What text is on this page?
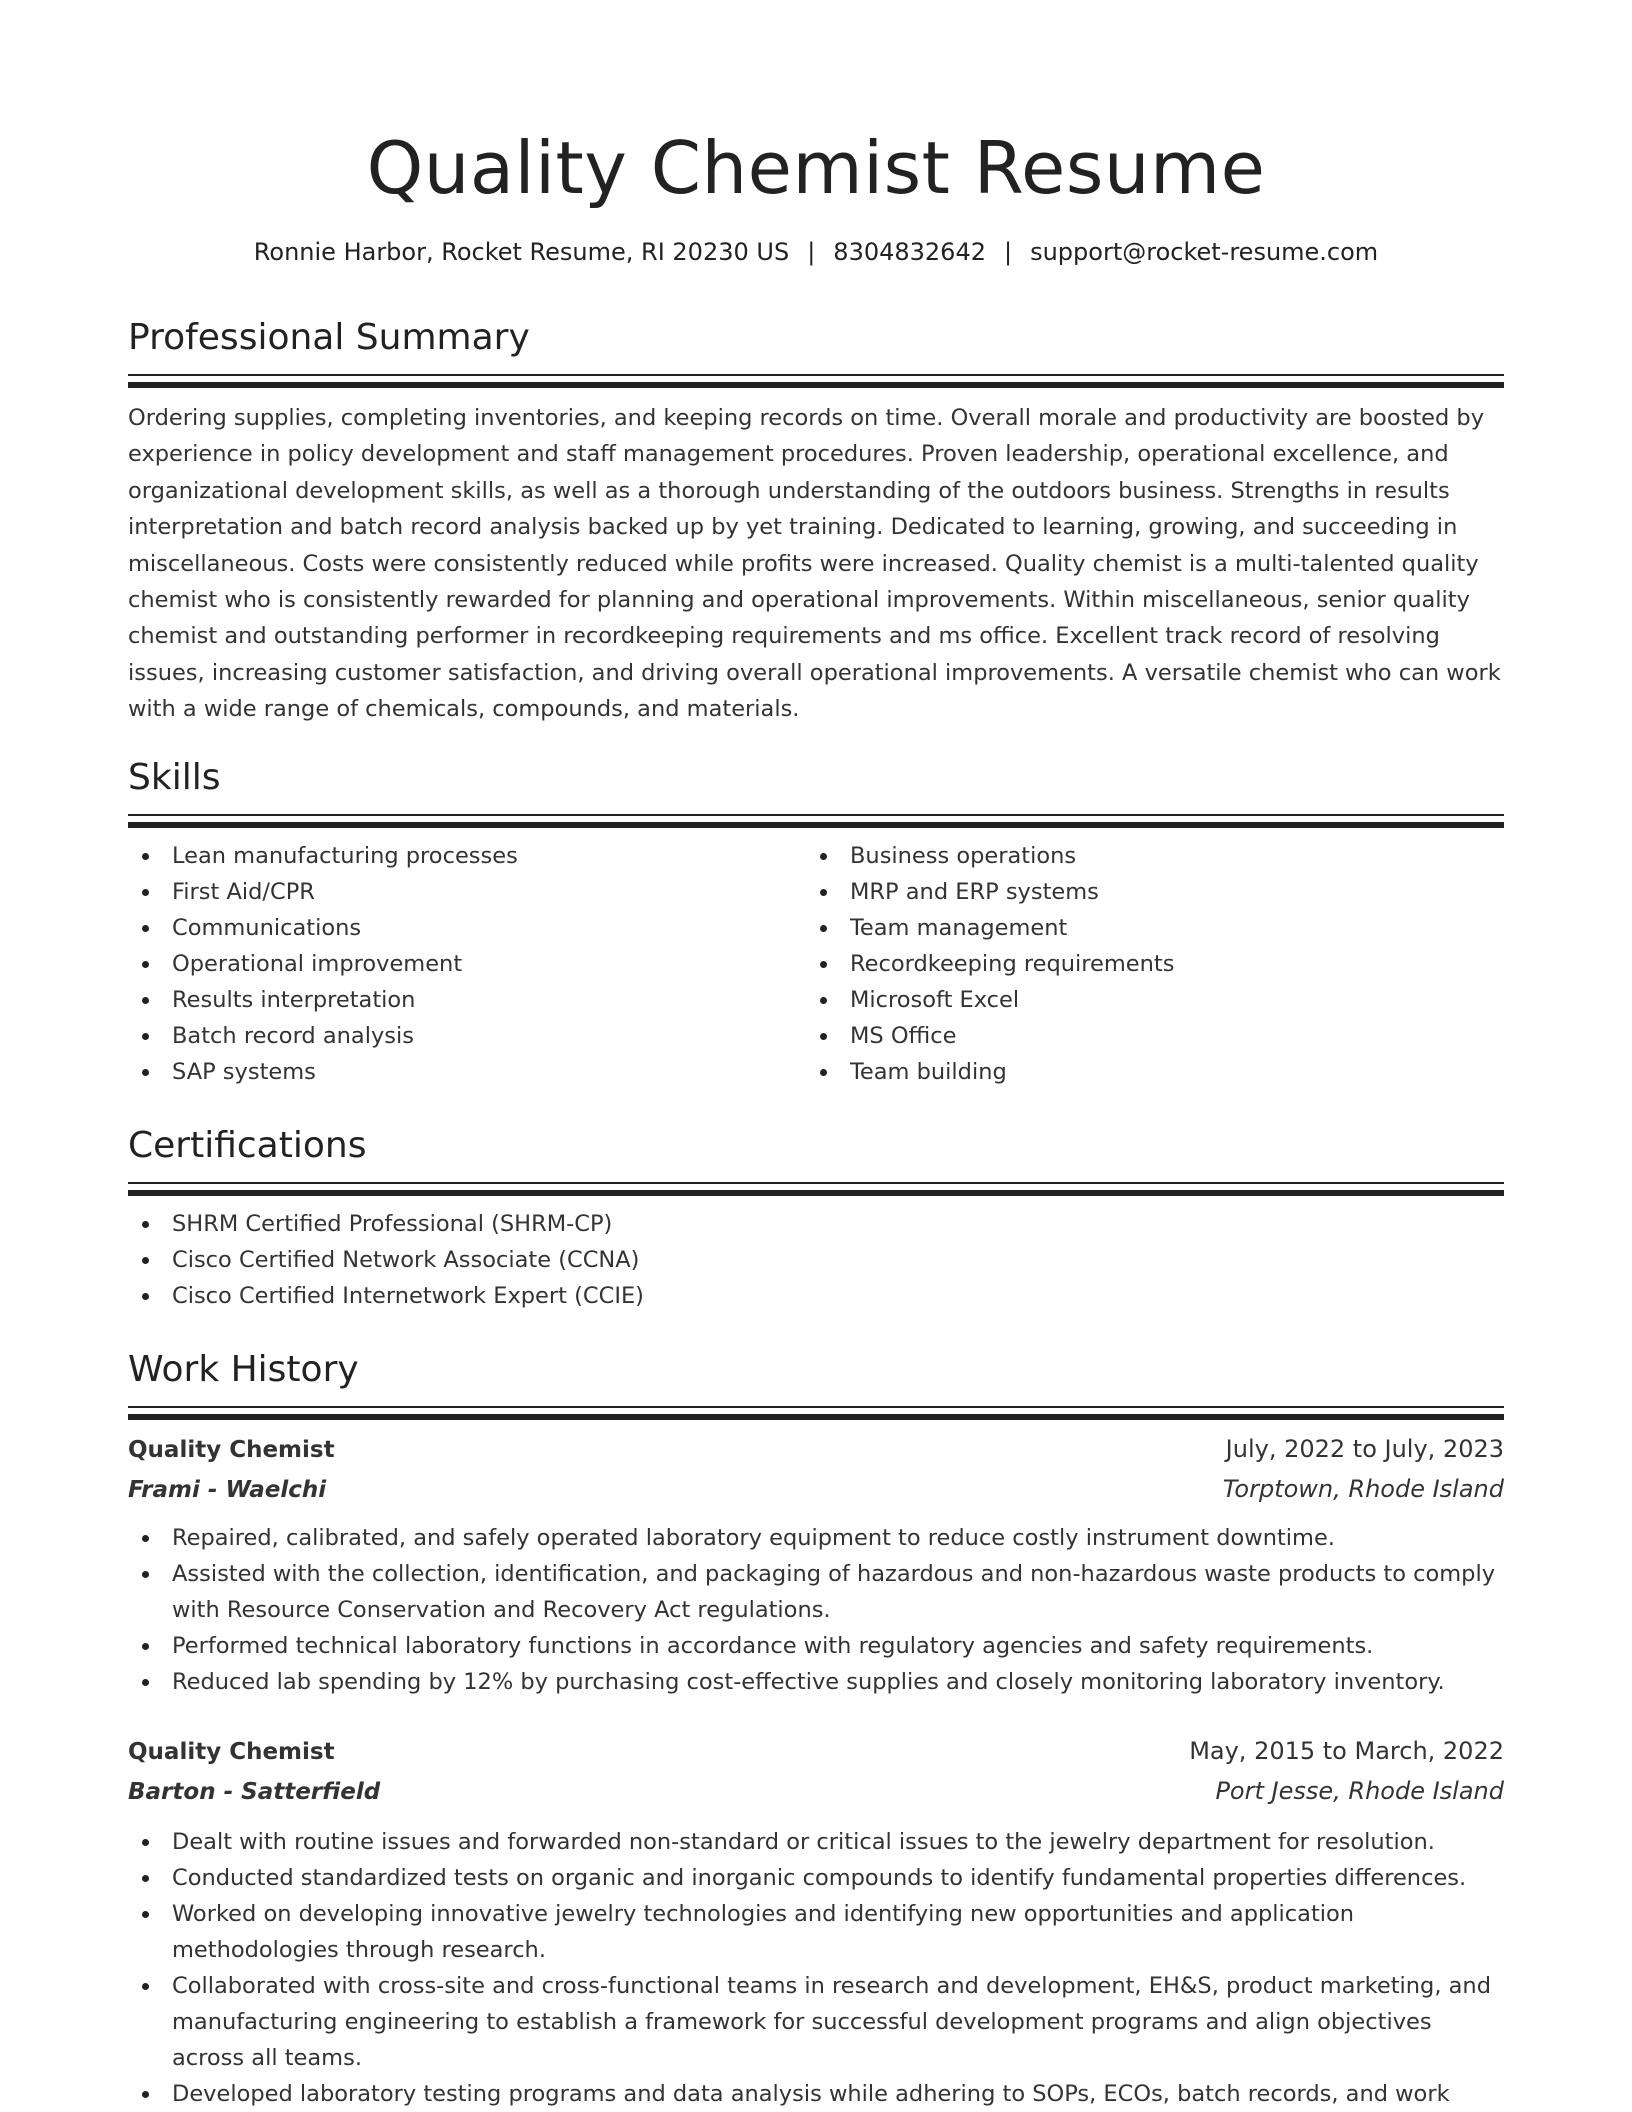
Quality Chemist Resume
Ronnie Harbor, Rocket Resume, RI 20230 US | 8304832642 | support@rocket-resume.com
Professional Summary

Ordering supplies, completing inventories, and keeping records on time. Overall morale and productivity are boosted by experience in policy development and staff management procedures. Proven leadership, operational excellence, and organizational development skills, as well as a thorough understanding of the outdoors business. Strengths in results interpretation and batch record analysis backed up by yet training. Dedicated to learning, growing, and succeeding in miscellaneous. Costs were consistently reduced while profits were increased. Quality chemist is a multi-talented quality chemist who is consistently rewarded for planning and operational improvements. Within miscellaneous, senior quality chemist and outstanding performer in recordkeeping requirements and ms office. Excellent track record of resolving issues, increasing customer satisfaction, and driving overall operational improvements. A versatile chemist who can work with a wide range of chemicals, compounds, and materials.

Skills
Lean manufacturing processes
First Aid/CPR
Communications
Operational improvement
Results interpretation
Batch record analysis
SAP systems
Business operations
MRP and ERP systems
Team management
Recordkeeping requirements
Microsoft Excel
MS Office
Team building
Certifications
SHRM Certified Professional (SHRM-CP)
Cisco Certified Network Associate (CCNA)
Cisco Certified Internetwork Expert (CCIE)
Work History
Quality Chemist	July, 2022 to July, 2023
Frami - Waelchi	Torptown, Rhode Island
Repaired, calibrated, and safely operated laboratory equipment to reduce costly instrument downtime.
Assisted with the collection, identification, and packaging of hazardous and non-hazardous waste products to comply with Resource Conservation and Recovery Act regulations.
Performed technical laboratory functions in accordance with regulatory agencies and safety requirements.
Reduced lab spending by 12% by purchasing cost-effective supplies and closely monitoring laboratory inventory.
Quality Chemist	May, 2015 to March, 2022
Barton - Satterfield	Port Jesse, Rhode Island
Dealt with routine issues and forwarded non-standard or critical issues to the jewelry department for resolution.
Conducted standardized tests on organic and inorganic compounds to identify fundamental properties differences.
Worked on developing innovative jewelry technologies and identifying new opportunities and application methodologies through research.
Collaborated with cross-site and cross-functional teams in research and development, EH&S, product marketing, and manufacturing engineering to establish a framework for successful development programs and align objectives across all teams.
Developed laboratory testing programs and data analysis while adhering to SOPs, ECOs, batch records, and work
